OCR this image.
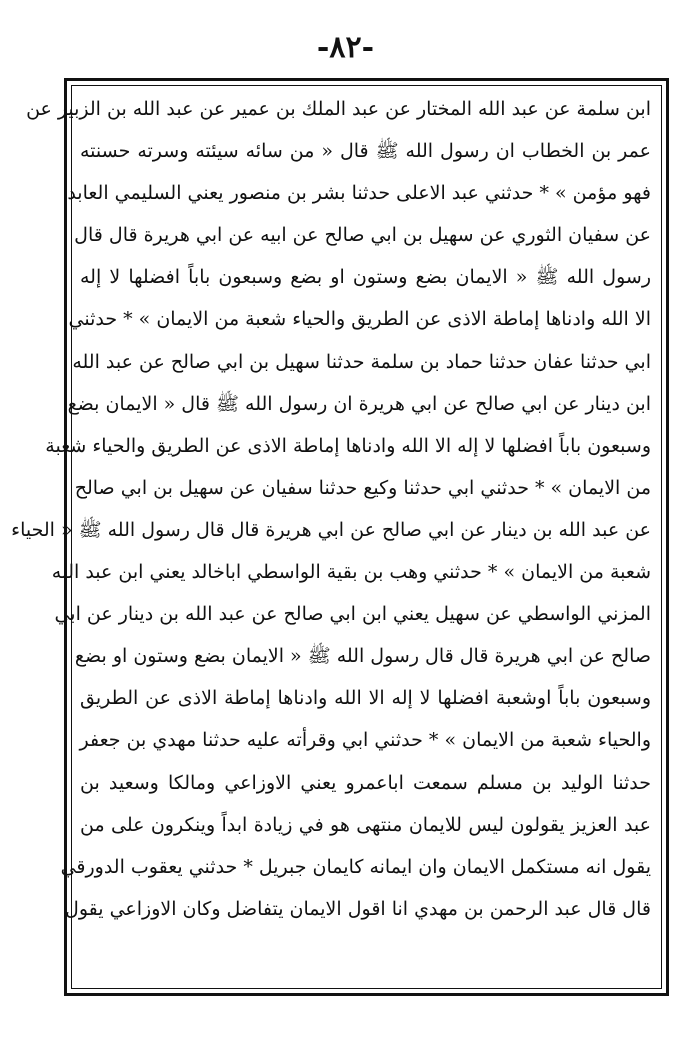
-٨٢-
ابن سلمة عن عبد الله المختار عن عبد الملك بن عمير عن عبد الله بن الزبير عن
عمر بن الخطاب ان رسول الله ﷺ قال « من سائه سيئته وسرته حسنته
فهو مؤمن » * حدثني عبد الاعلى حدثنا بشر بن منصور يعني السليمي العابد
عن سفيان الثوري عن سهيل بن ابي صالح عن ابيه عن ابي هريرة قال قال
رسول الله ﷺ « الايمان بضع وستون او بضع وسبعون باباً افضلها لا إله
الا الله وادناها إماطة الاذى عن الطريق والحياء شعبة من الايمان » * حدثني
ابي حدثنا عفان حدثنا حماد بن سلمة حدثنا سهيل بن ابي صالح عن عبد الله
ابن دينار عن ابي صالح عن ابي هريرة ان رسول الله ﷺ قال « الايمان بضع
وسبعون باباً افضلها لا إله الا الله وادناها إماطة الاذى عن الطريق والحياء شعبة
من الايمان » * حدثني ابي حدثنا وكيع حدثنا سفيان عن سهيل بن ابي صالح
عن عبد الله بن دينار عن ابي صالح عن ابي هريرة قال قال رسول الله ﷺ « الحياء
شعبة من الايمان » * حدثني وهب بن بقية الواسطي اباخالد يعني ابن عبد الله
المزني الواسطي عن سهيل يعني ابن ابي صالح عن عبد الله بن دينار عن ابي
صالح عن ابي هريرة قال قال رسول الله ﷺ « الايمان بضع وستون او بضع
وسبعون باباً اوشعبة افضلها لا إله الا الله وادناها إماطة الاذى عن الطريق
والحياء شعبة من الايمان » * حدثني ابي وقرأته عليه حدثنا مهدي بن جعفر
حدثنا الوليد بن مسلم سمعت اباعمرو يعني الاوزاعي ومالكا وسعيد بن
عبد العزيز يقولون ليس للايمان منتهى هو في زيادة ابداً وينكرون على من
يقول انه مستكمل الايمان وان ايمانه كايمان جبريل * حدثني يعقوب الدورقي
قال قال عبد الرحمن بن مهدي انا اقول الايمان يتفاضل وكان الاوزاعي يقول
